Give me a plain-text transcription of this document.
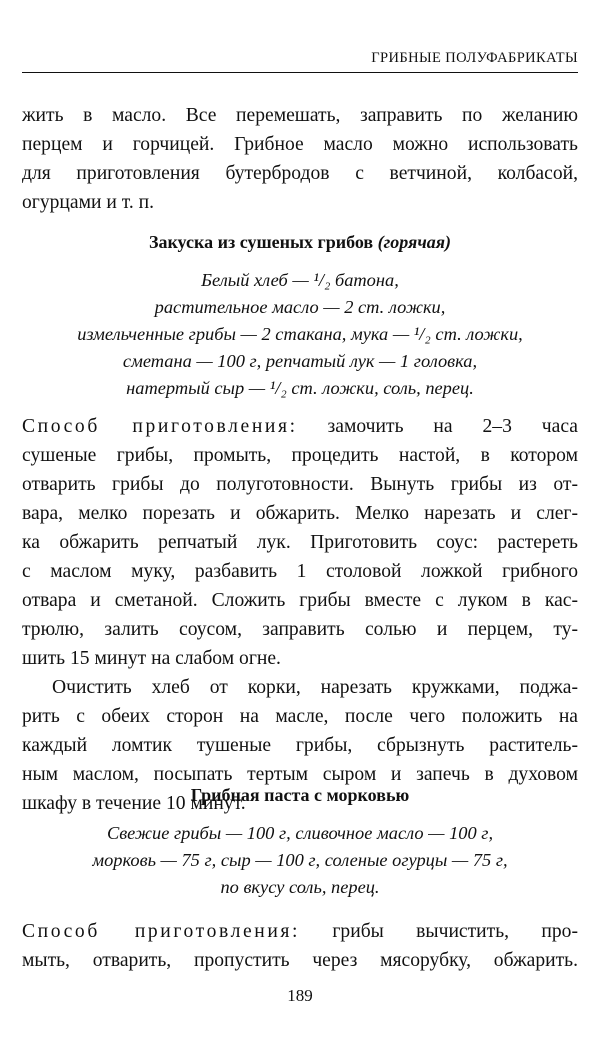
ГРИБНЫЕ ПОЛУФАБРИКАТЫ

жить в масло. Все перемешать, заправить по желанию
перцем и горчицей. Грибное масло можно использовать
для приготовления бутербродов с ветчиной, колбасой,
огурцами и т. п.

Закуска из сушеных грибов (горячая)
Белый хлеб — ¹/₂ батона,
растительное масло — 2 ст. ложки,
измельченные грибы — 2 стакана, мука — ¹/₂ ст. ложки,
сметана — 100 г, репчатый лук — 1 головка,
натертый сыр — ¹/₂ ст. ложки, соль, перец.

Способ приготовления: замочить на 2–3 часа
сушеные грибы, промыть, процедить настой, в котором
отварить грибы до полуготовности. Вынуть грибы из от-
вара, мелко порезать и обжарить. Мелко нарезать и слег-
ка обжарить репчатый лук. Приготовить соус: растереть
с маслом муку, разбавить 1 столовой ложкой грибного
отвара и сметаной. Сложить грибы вместе с луком в кас-
трюлю, залить соусом, заправить солью и перцем, ту-
шить 15 минут на слабом огне.

Очистить хлеб от корки, нарезать кружками, поджа-
рить с обеих сторон на масле, после чего положить на
каждый ломтик тушеные грибы, сбрызнуть раститель-
ным маслом, посыпать тертым сыром и запечь в духовом
шкафу в течение 10 минут.

Грибная паста с морковью
Свежие грибы — 100 г, сливочное масло — 100 г,
морковь — 75 г, сыр — 100 г, соленые огурцы — 75 г,
по вкусу соль, перец.

Способ приготовления: грибы вычистить, про-
мыть, отварить, пропустить через мясорубку, обжарить.

189
